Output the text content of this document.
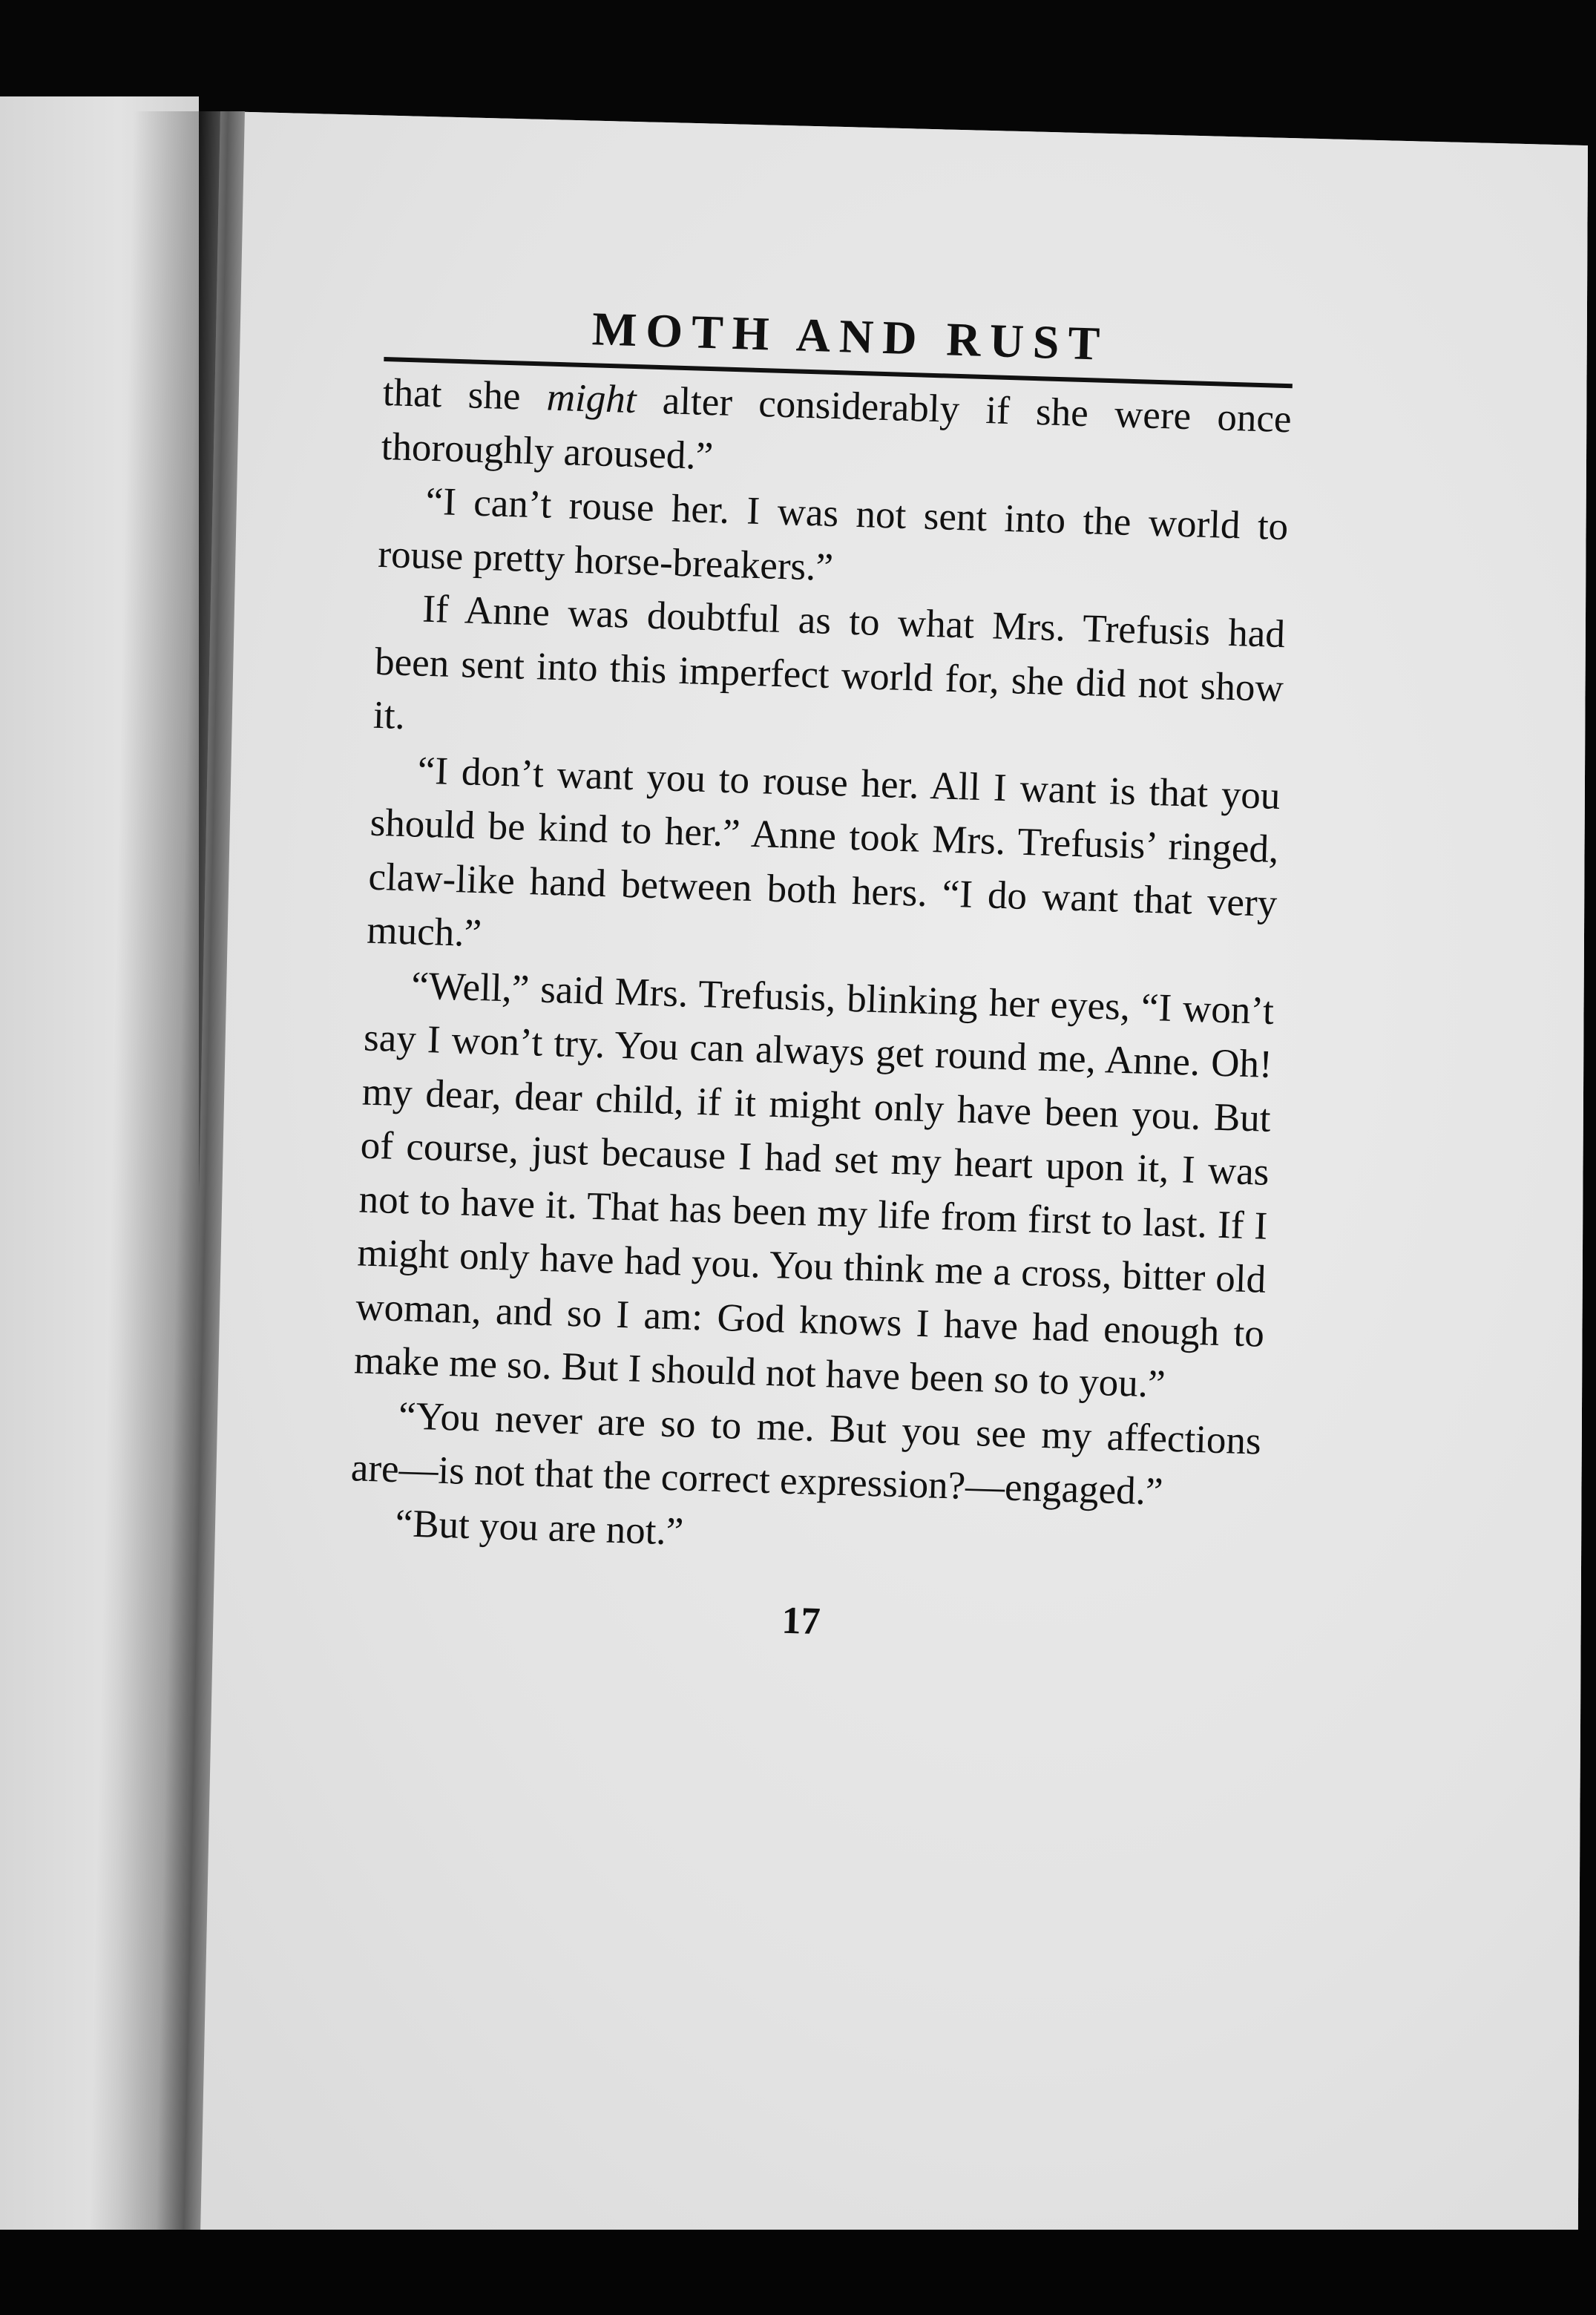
MOTH AND RUST

that she might alter considerably if she were once thoroughly aroused.”

“I can’t rouse her. I was not sent into the world to rouse pretty horse-breakers.”

If Anne was doubtful as to what Mrs. Trefusis had been sent into this imperfect world for, she did not show it.

“I don’t want you to rouse her. All I want is that you should be kind to her.” Anne took Mrs. Trefusis’ ringed, claw-like hand between both hers. “I do want that very much.”

“Well,” said Mrs. Trefusis, blinking her eyes, “I won’t say I won’t try. You can always get round me, Anne. Oh! my dear, dear child, if it might only have been you. But of course, just because I had set my heart upon it, I was not to have it. That has been my life from first to last. If I might only have had you. You think me a cross, bitter old woman, and so I am: God knows I have had enough to make me so. But I should not have been so to you.”

“You never are so to me. But you see my affections are—is not that the correct expression?—engaged.”

“But you are not.”

17
